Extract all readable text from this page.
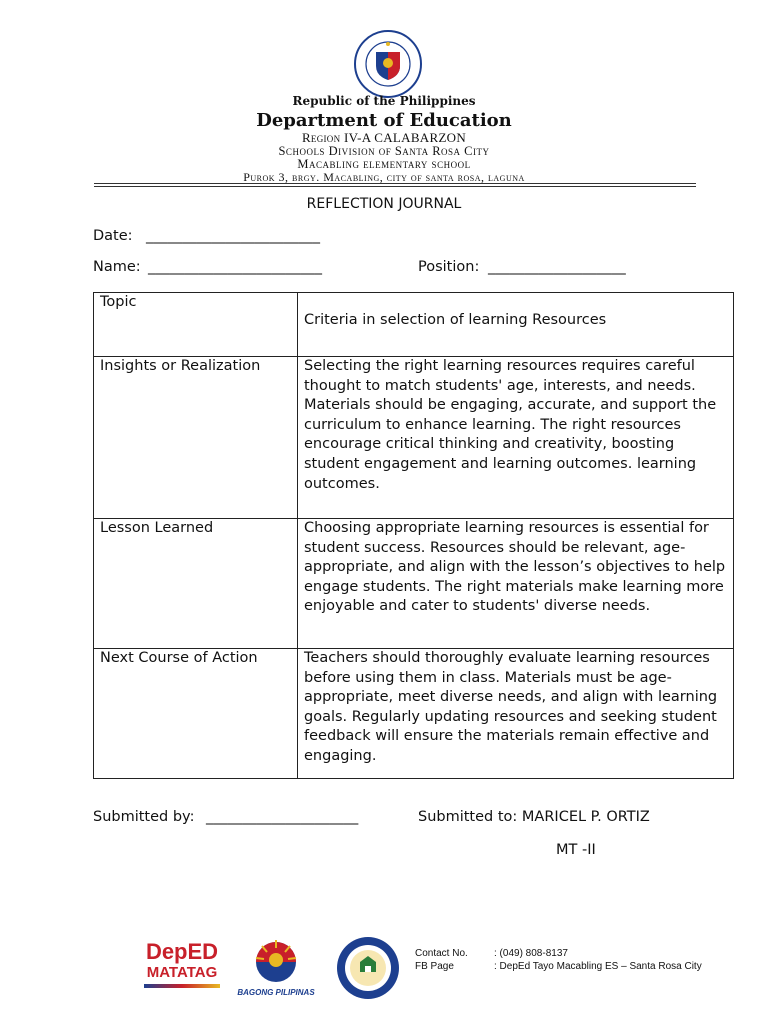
Republic of the Philippines
Department of Education
Region IV-A CALABARZON
Schools Division of Santa Rosa City
Macabling elementary school
Purok 3, brgy. Macabling, city of santa rosa, laguna
REFLECTION JOURNAL
Date: ________________________
Name: ________________________	Position: ___________________
Topic	Criteria in selection of learning Resources

Insights or Realization	Selecting the right learning resources requires careful thought to match students' age, interests, and needs. Materials should be engaging, accurate, and support the curriculum to enhance learning. The right resources encourage critical thinking and creativity, boosting student engagement and learning outcomes. learning outcomes.
Lesson Learned	Choosing appropriate learning resources is essential for student success. Resources should be relevant, age-appropriate, and align with the lesson’s objectives to help engage students. The right materials make learning more enjoyable and cater to students' diverse needs.
Next Course of Action	Teachers should thoroughly evaluate learning resources before using them in class. Materials must be age-appropriate, meet diverse needs, and align with learning goals. Regularly updating resources and seeking student feedback will ensure the materials remain effective and engaging.
Submitted by: _____________________	Submitted to: MARICEL P. ORTIZ
MT -II
DepED
MATATAG
BAGONG PILIPINAS
Contact No.	: (049) 808-8137
FB Page	: DepEd Tayo Macabling ES – Santa Rosa City
